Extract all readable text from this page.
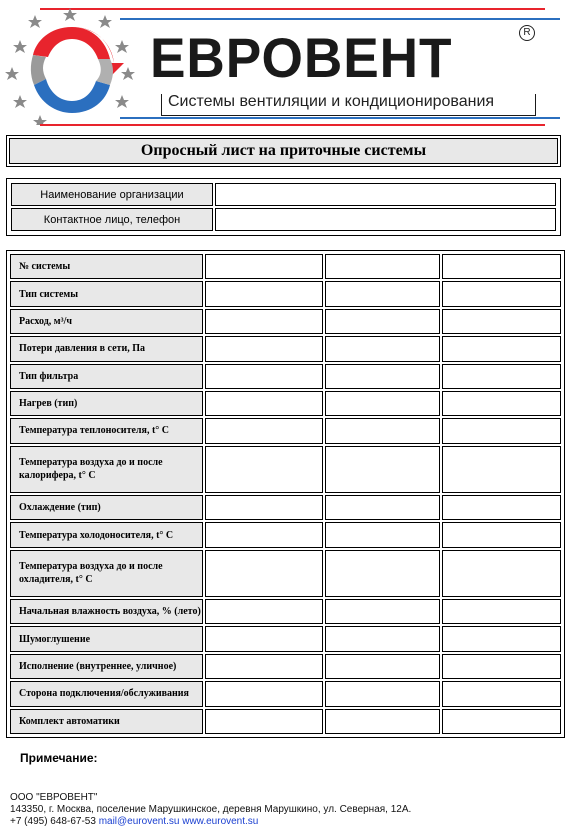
ЕВРОВЕНТ	R
Системы вентиляции и кондиционирования
Опросный лист на приточные системы
Наименование организации	
Контактное лицо, телефон	
№ системы			
Тип системы			
Расход, м³/ч			
Потери давления в сети, Па			
Тип фильтра			
Нагрев (тип)			
Температура теплоносителя, t° C			
Температура воздуха до и после калорифера, t° C			
Охлаждение (тип)			
Температура холодоносителя, t° C			
Температура воздуха до и после охладителя, t° C			
Начальная влажность воздуха, % (лето)			
Шумоглушение			
Исполнение (внутреннее, уличное)			
Сторона подключения/обслуживания			
Комплект автоматики			
Примечание:
ООО "ЕВРОВЕНТ"
143350, г. Москва, поселение Марушкинское, деревня Марушкино, ул. Северная, 12А.
+7 (495) 648-67-53 mail@eurovent.su www.eurovent.su
